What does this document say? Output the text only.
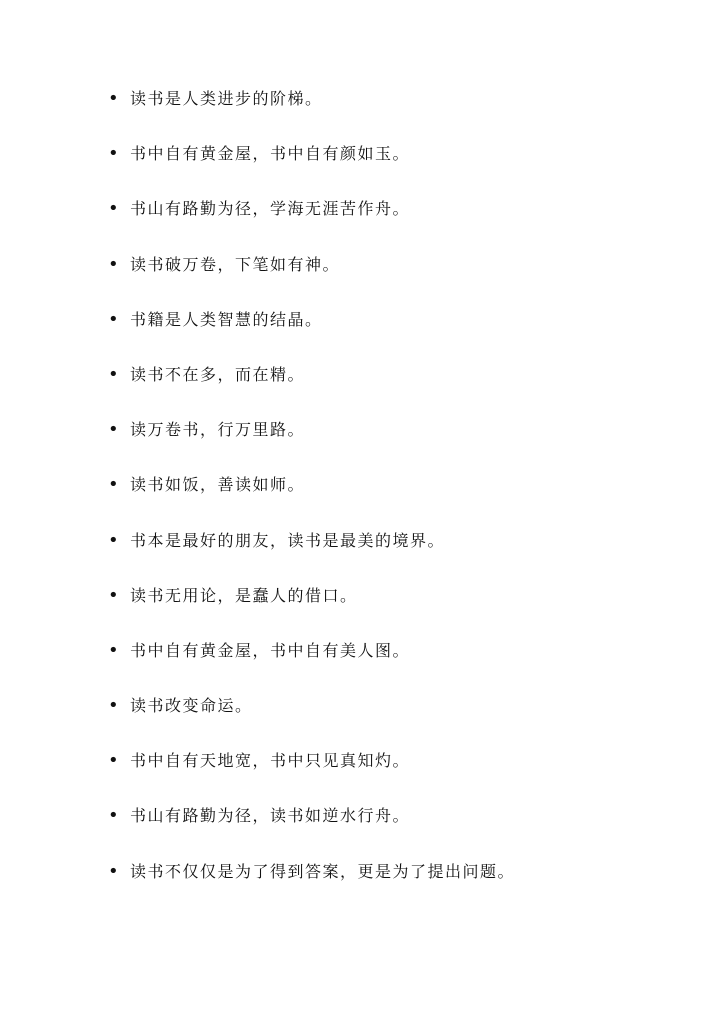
• 读书是人类进步的阶梯。
• 书中自有黄金屋，书中自有颜如玉。
• 书山有路勤为径，学海无涯苦作舟。
• 读书破万卷，下笔如有神。
• 书籍是人类智慧的结晶。
• 读书不在多，而在精。
• 读万卷书，行万里路。
• 读书如饭，善读如师。
• 书本是最好的朋友，读书是最美的境界。
• 读书无用论，是蠢人的借口。
• 书中自有黄金屋，书中自有美人图。
• 读书改变命运。
• 书中自有天地宽，书中只见真知灼。
• 书山有路勤为径，读书如逆水行舟。
• 读书不仅仅是为了得到答案，更是为了提出问题。
